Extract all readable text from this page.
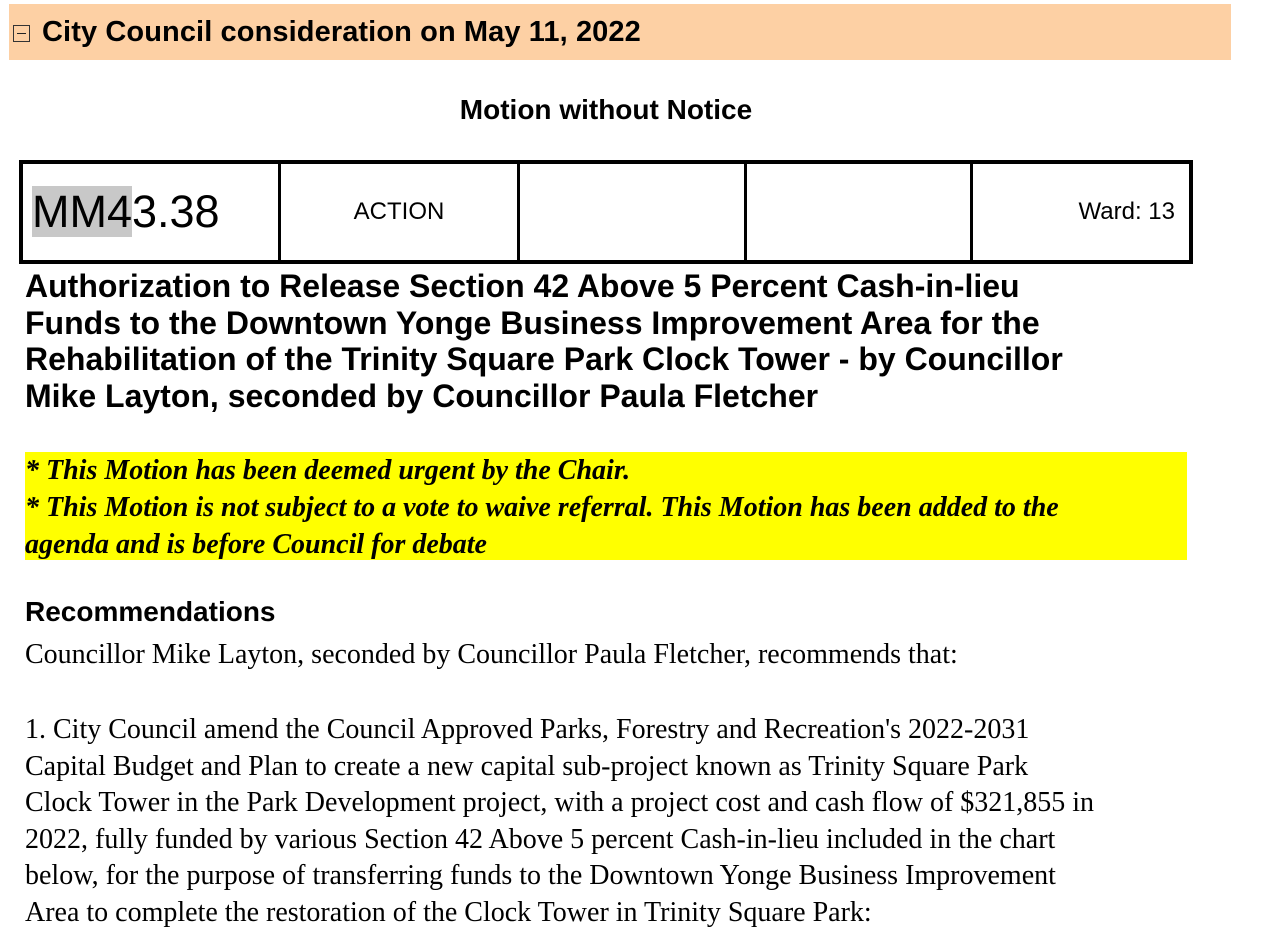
City Council consideration on May 11, 2022
Motion without Notice
MM43.38	ACTION			Ward: 13
Authorization to Release Section 42 Above 5 Percent Cash-in-lieu
Funds to the Downtown Yonge Business Improvement Area for the
Rehabilitation of the Trinity Square Park Clock Tower - by Councillor
Mike Layton, seconded by Councillor Paula Fletcher
* This Motion has been deemed urgent by the Chair.
* This Motion is not subject to a vote to waive referral. This Motion has been added to the
agenda and is before Council for debate
Recommendations

Councillor Mike Layton, seconded by Councillor Paula Fletcher, recommends that:

1. City Council amend the Council Approved Parks, Forestry and Recreation's 2022-2031
Capital Budget and Plan to create a new capital sub-project known as Trinity Square Park
Clock Tower in the Park Development project, with a project cost and cash flow of $321,855 in
2022, fully funded by various Section 42 Above 5 percent Cash-in-lieu included in the chart
below, for the purpose of transferring funds to the Downtown Yonge Business Improvement
Area to complete the restoration of the Clock Tower in Trinity Square Park:
